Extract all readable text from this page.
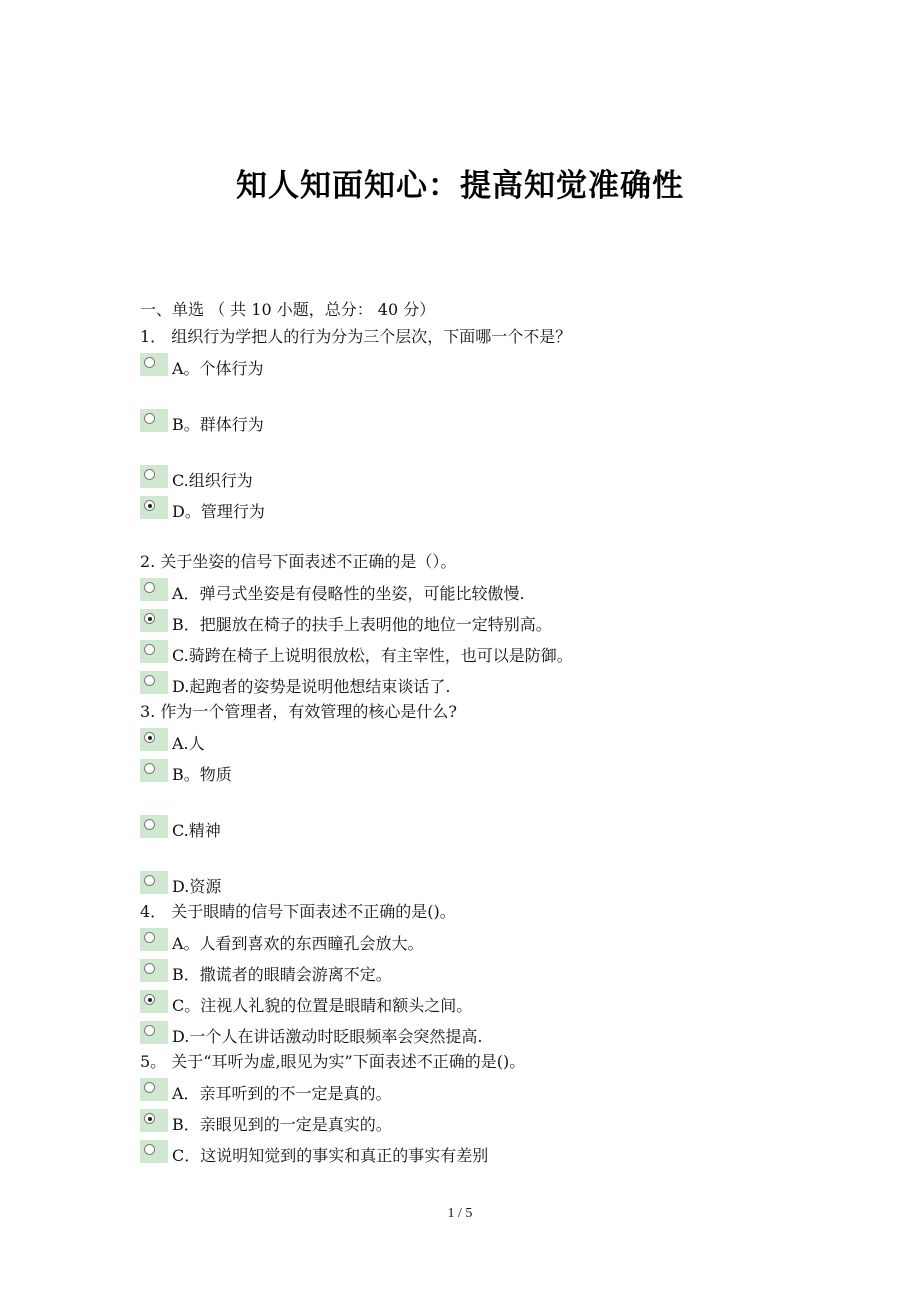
知人知面知心：提高知觉准确性
一、单选 （ 共 10 小题，总分： 40 分）
1． 组织行为学把人的行为分为三个层次，下面哪一个不是？
A。个体行为
B。群体行为
C.组织行为
D。管理行为
2. 关于坐姿的信号下面表述不正确的是（）。
A．弹弓式坐姿是有侵略性的坐姿，可能比较傲慢.
B．把腿放在椅子的扶手上表明他的地位一定特别高。
C.骑跨在椅子上说明很放松，有主宰性，也可以是防御。
D.起跑者的姿势是说明他想结束谈话了.
3. 作为一个管理者，有效管理的核心是什么?
A.人
B。物质
C.精神
D.资源
4． 关于眼睛的信号下面表述不正确的是()。
A。人看到喜欢的东西瞳孔会放大。
B．撒谎者的眼睛会游离不定。
C。注视人礼貌的位置是眼睛和额头之间。
D.一个人在讲话激动时眨眼频率会突然提高.
5。 关于“耳听为虚,眼见为实”下面表述不正确的是()。
A．亲耳听到的不一定是真的。
B．亲眼见到的一定是真实的。
C．这说明知觉到的事实和真正的事实有差别
1 / 5
